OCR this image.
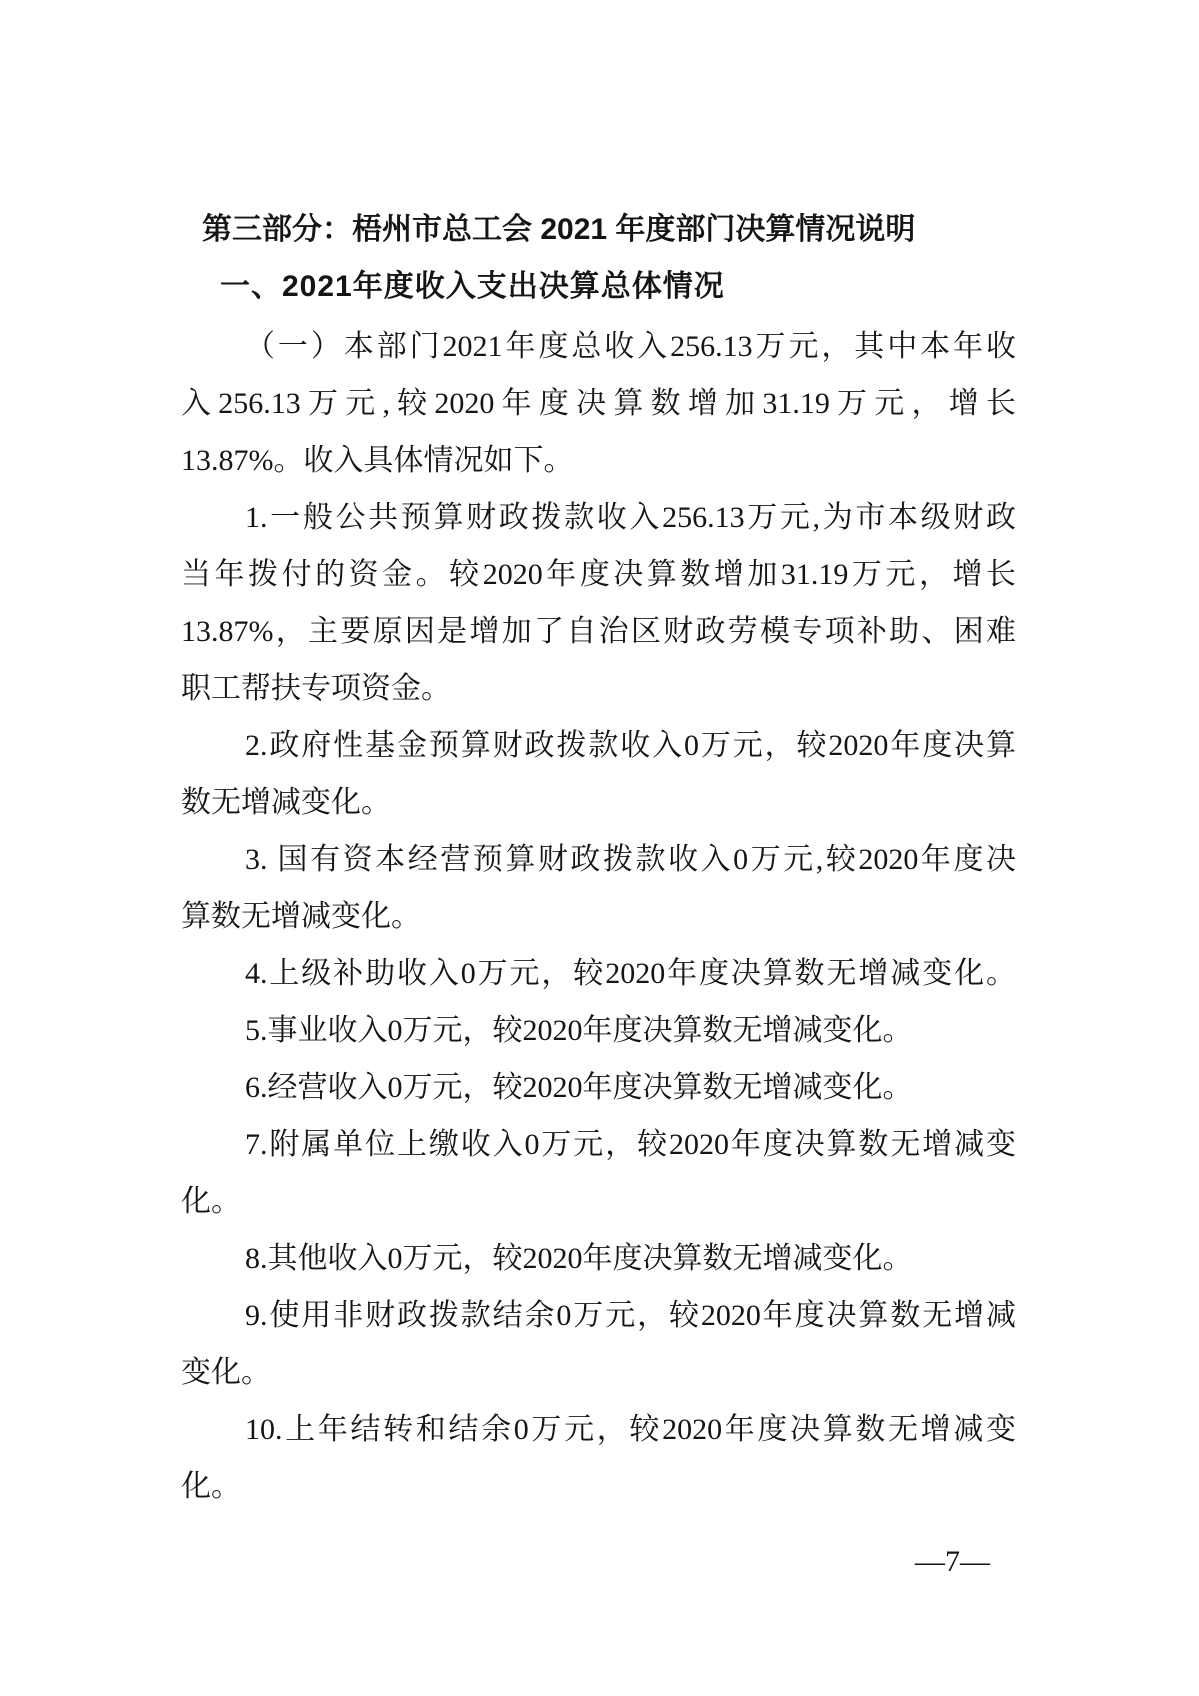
第三部分：梧州市总工会 2021 年度部门决算情况说明
一、2021年度收入支出决算总体情况

（一）本部门2021年度总收入256.13万元，其中本年收
入256.13万元,较2020年度决算数增加31.19万元，增长
13.87%。收入具体情况如下。

1.一般公共预算财政拨款收入256.13万元,为市本级财政
当年拨付的资金。较2020年度决算数增加31.19万元，增长
13.87%，主要原因是增加了自治区财政劳模专项补助、困难
职工帮扶专项资金。

2.政府性基金预算财政拨款收入0万元，较2020年度决算
数无增减变化。

3. 国有资本经营预算财政拨款收入0万元,较2020年度决
算数无增减变化。

4.上级补助收入0万元，较2020年度决算数无增减变化。

5.事业收入0万元，较2020年度决算数无增减变化。

6.经营收入0万元，较2020年度决算数无增减变化。

7.附属单位上缴收入0万元，较2020年度决算数无增减变
化。

8.其他收入0万元，较2020年度决算数无增减变化。

9.使用非财政拨款结余0万元，较2020年度决算数无增减
变化。

10.上年结转和结余0万元，较2020年度决算数无增减变
化。

—7—
